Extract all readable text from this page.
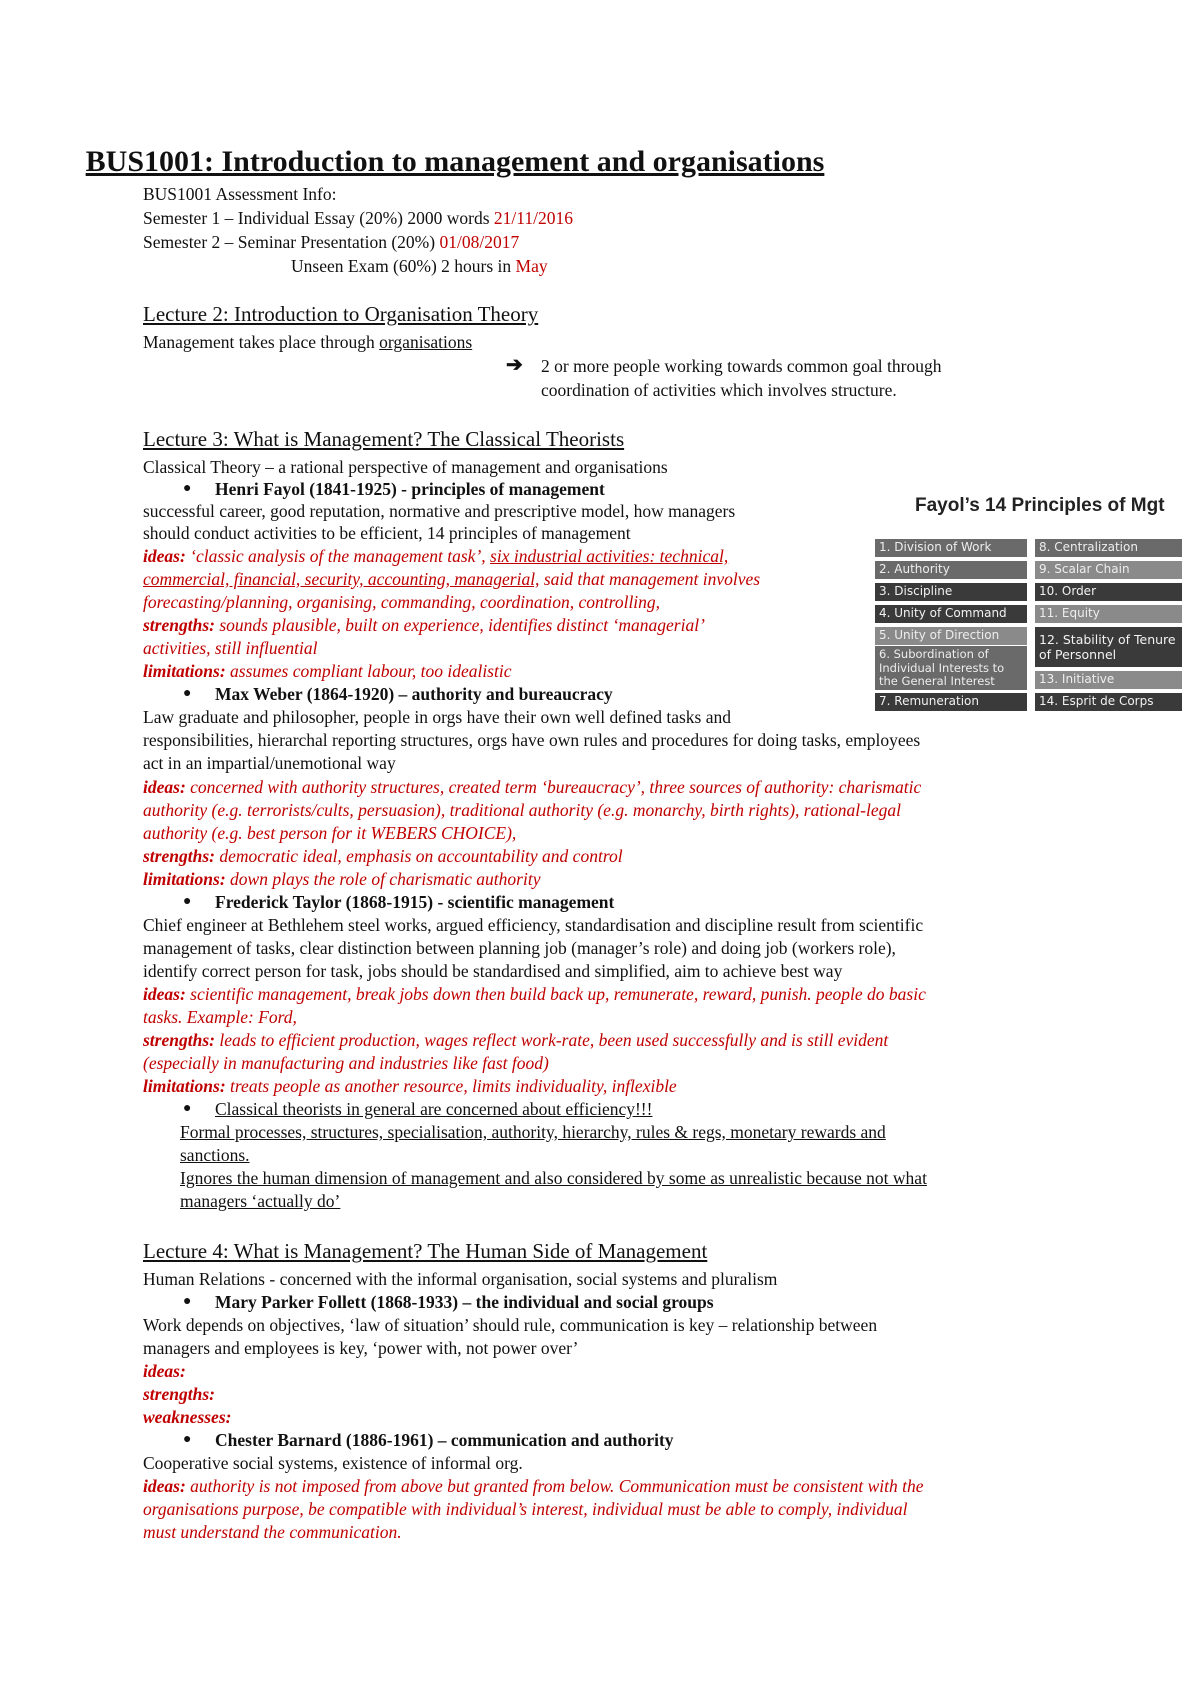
BUS1001: Introduction to management and organisations
BUS1001 Assessment Info:
Semester 1 – Individual Essay (20%) 2000 words 21/11/2016
Semester 2 – Seminar Presentation (20%) 01/08/2017
Unseen Exam (60%) 2 hours in May
Lecture 2: Introduction to Organisation Theory
Management takes place through organisations
➔ 2 or more people working towards common goal through
coordination of activities which involves structure.
Lecture 3: What is Management? The Classical Theorists
Classical Theory – a rational perspective of management and organisations
● Henri Fayol (1841-1925) - principles of management
successful career, good reputation, normative and prescriptive model, how managers
should conduct activities to be efficient, 14 principles of management
ideas: ‘classic analysis of the management task’, six industrial activities: technical,
commercial, financial, security, accounting, managerial, said that management involves
forecasting/planning, organising, commanding, coordination, controlling,
strengths: sounds plausible, built on experience, identifies distinct ‘managerial’
activities, still influential
limitations: assumes compliant labour, too idealistic
● Max Weber (1864-1920) – authority and bureaucracy
Law graduate and philosopher, people in orgs have their own well defined tasks and
responsibilities, hierarchal reporting structures, orgs have own rules and procedures for doing tasks, employees
act in an impartial/unemotional way
ideas: concerned with authority structures, created term ‘bureaucracy’, three sources of authority: charismatic
authority (e.g. terrorists/cults, persuasion), traditional authority (e.g. monarchy, birth rights), rational-legal
authority (e.g. best person for it WEBERS CHOICE),
strengths: democratic ideal, emphasis on accountability and control
limitations: down plays the role of charismatic authority
● Frederick Taylor (1868-1915) - scientific management
Chief engineer at Bethlehem steel works, argued efficiency, standardisation and discipline result from scientific
management of tasks, clear distinction between planning job (manager’s role) and doing job (workers role),
identify correct person for task, jobs should be standardised and simplified, aim to achieve best way
ideas: scientific management, break jobs down then build back up, remunerate, reward, punish. people do basic
tasks. Example: Ford,
strengths: leads to efficient production, wages reflect work-rate, been used successfully and is still evident
(especially in manufacturing and industries like fast food)
limitations: treats people as another resource, limits individuality, inflexible
● Classical theorists in general are concerned about efficiency!!!
Formal processes, structures, specialisation, authority, hierarchy, rules & regs, monetary rewards and
sanctions.
Ignores the human dimension of management and also considered by some as unrealistic because not what
managers ‘actually do’
Lecture 4: What is Management? The Human Side of Management
Human Relations - concerned with the informal organisation, social systems and pluralism
● Mary Parker Follett (1868-1933) – the individual and social groups
Work depends on objectives, ‘law of situation’ should rule, communication is key – relationship between
managers and employees is key, ‘power with, not power over’
ideas:
strengths:
weaknesses:
● Chester Barnard (1886-1961) – communication and authority
Cooperative social systems, existence of informal org.
ideas: authority is not imposed from above but granted from below. Communication must be consistent with the
organisations purpose, be compatible with individual’s interest, individual must be able to comply, individual
must understand the communication.
Fayol’s 14 Principles of Mgt
1. Division of Work
2. Authority
3. Discipline
4. Unity of Command
5. Unity of Direction
6. Subordination of Individual Interests to the General Interest
7. Remuneration
8. Centralization
9. Scalar Chain
10. Order
11. Equity
12. Stability of Tenure of Personnel
13. Initiative
14. Esprit de Corps
